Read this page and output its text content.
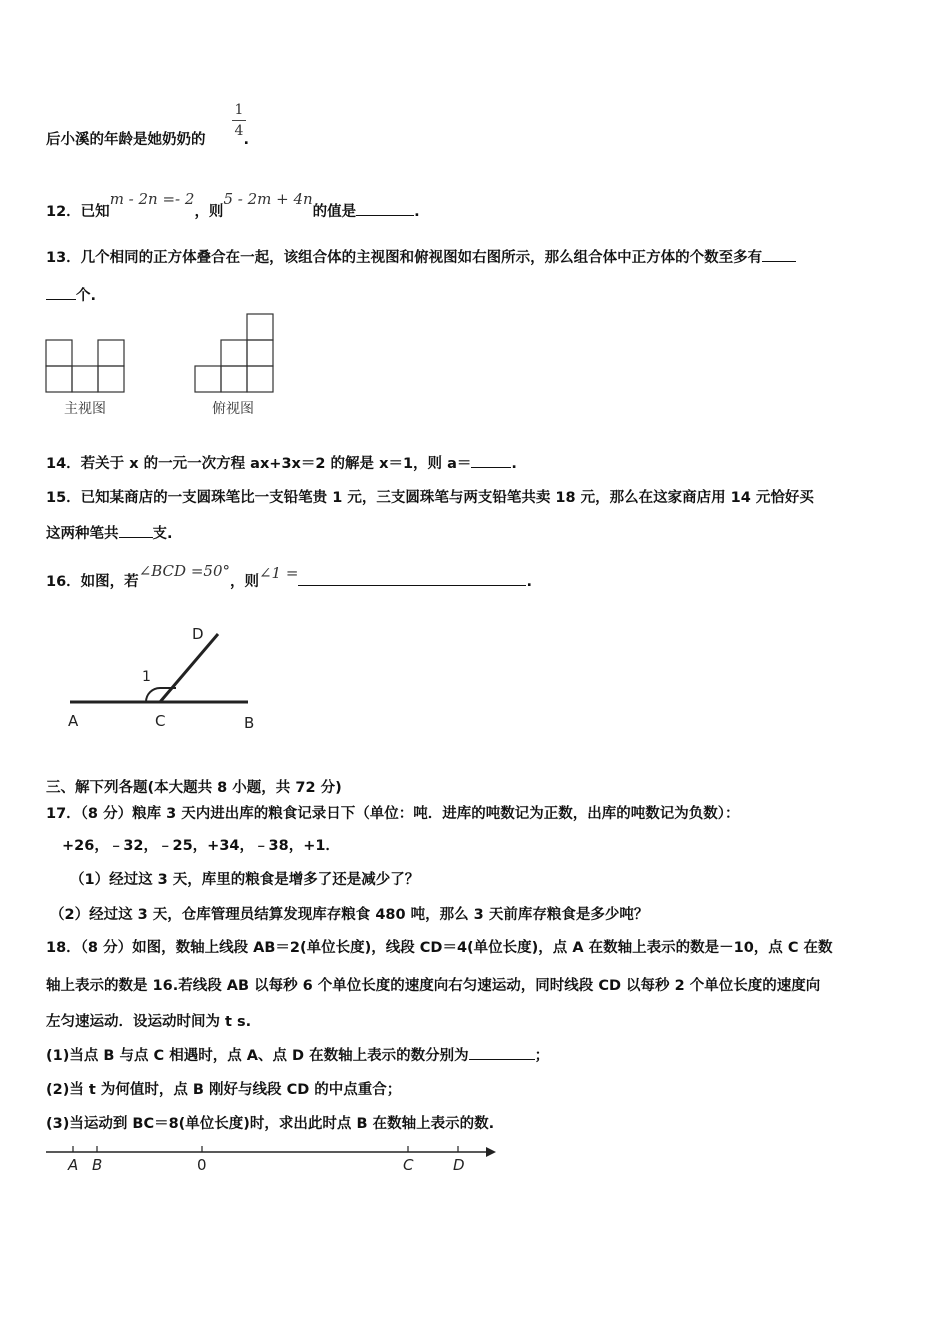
后小溪的年龄是她奶奶的	.
1
4
12．已知m - 2n =- 2，则5 - 2m + 4n的值是	.
13．几个相同的正方体叠合在一起，该组合体的主视图和俯视图如右图所示，那么组合体中正方体的个数至多有
个.
主视图	俯视图
14．若关于 x 的一元一次方程 ax+3x＝2 的解是 x＝1，则 a＝	.
15．已知某商店的一支圆珠笔比一支铅笔贵 1 元，三支圆珠笔与两支铅笔共卖 18 元，那么在这家商店用 14 元恰好买
这两种笔共 支.
16．如图，若∠BCD =50°，则∠1 =	.
A	C	B
D
1
三、解下列各题(本大题共 8 小题，共 72 分)
17．（8 分）粮库 3 天内进出库的粮食记录日下（单位：吨．进库的吨数记为正数，出库的吨数记为负数）：
+26，﹣32，﹣25，+34，﹣38，+1．
（1）经过这 3 天，库里的粮食是增多了还是减少了？
（2）经过这 3 天，仓库管理员结算发现库存粮食 480 吨，那么 3 天前库存粮食是多少吨？
18．（8 分）如图，数轴上线段 AB＝2(单位长度)，线段 CD＝4(单位长度)，点 A 在数轴上表示的数是－10，点 C 在数
轴上表示的数是 16.若线段 AB 以每秒 6 个单位长度的速度向右匀速运动，同时线段 CD 以每秒 2 个单位长度的速度向
左匀速运动．设运动时间为 t s.
(1)当点 B 与点 C 相遇时，点 A、点 D 在数轴上表示的数分别为	；
(2)当 t 为何值时，点 B 刚好与线段 CD 的中点重合；
(3)当运动到 BC＝8(单位长度)时，求出此时点 B 在数轴上表示的数.
A B	0	C	D
